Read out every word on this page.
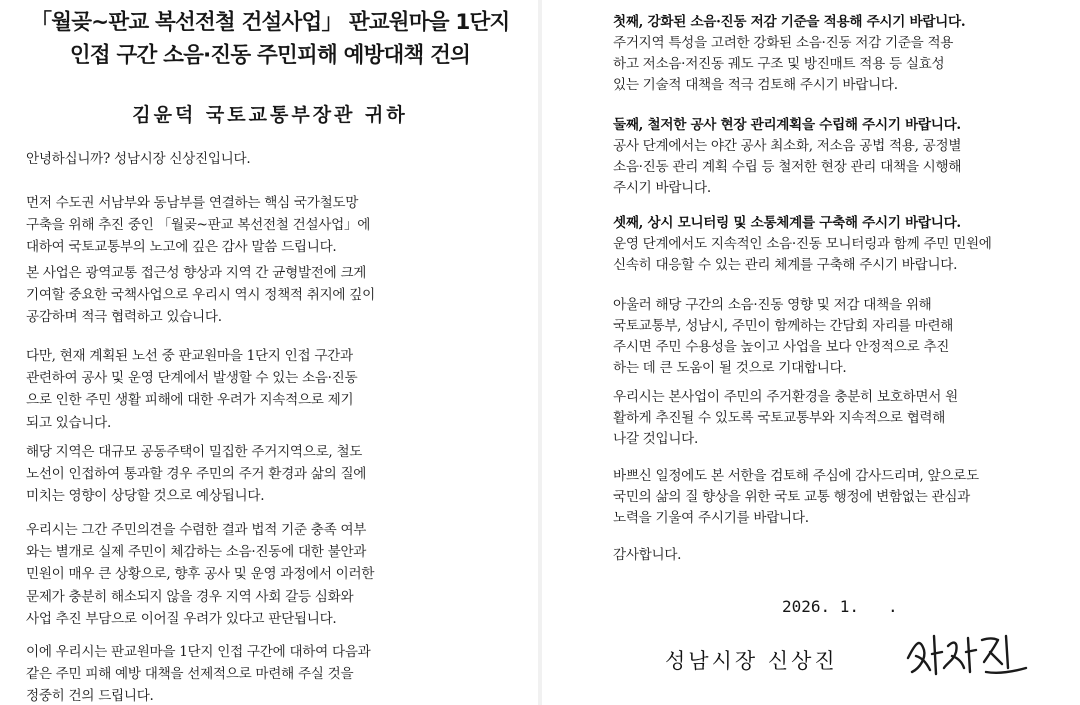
「월곶~판교 복선전철 건설사업」 판교원마을 1단지
인접 구간 소음·진동 주민피해 예방대책 건의
김윤덕 국토교통부장관 귀하
안녕하십니까? 성남시장 신상진입니다.
먼저 수도권 서남부와 동남부를 연결하는 핵심 국가철도망
구축을 위해 추진 중인 「월곶~판교 복선전철 건설사업」에
대하여 국토교통부의 노고에 깊은 감사 말씀 드립니다.
본 사업은 광역교통 접근성 향상과 지역 간 균형발전에 크게
기여할 중요한 국책사업으로 우리시 역시 정책적 취지에 깊이
공감하며 적극 협력하고 있습니다.
다만, 현재 계획된 노선 중 판교원마을 1단지 인접 구간과
관련하여 공사 및 운영 단계에서 발생할 수 있는 소음·진동
으로 인한 주민 생활 피해에 대한 우려가 지속적으로 제기
되고 있습니다.
해당 지역은 대규모 공동주택이 밀집한 주거지역으로, 철도
노선이 인접하여 통과할 경우 주민의 주거 환경과 삶의 질에
미치는 영향이 상당할 것으로 예상됩니다.
우리시는 그간 주민의견을 수렴한 결과 법적 기준 충족 여부
와는 별개로 실제 주민이 체감하는 소음·진동에 대한 불안과
민원이 매우 큰 상황으로, 향후 공사 및 운영 과정에서 이러한
문제가 충분히 해소되지 않을 경우 지역 사회 갈등 심화와
사업 추진 부담으로 이어질 우려가 있다고 판단됩니다.
이에 우리시는 판교원마을 1단지 인접 구간에 대하여 다음과
같은 주민 피해 예방 대책을 선제적으로 마련해 주실 것을
정중히 건의 드립니다.
첫째, 강화된 소음·진동 저감 기준을 적용해 주시기 바랍니다.
주거지역 특성을 고려한 강화된 소음·진동 저감 기준을 적용
하고 저소음·저진동 궤도 구조 및 방진매트 적용 등 실효성
있는 기술적 대책을 적극 검토해 주시기 바랍니다.
둘째, 철저한 공사 현장 관리계획을 수립해 주시기 바랍니다.
공사 단계에서는 야간 공사 최소화, 저소음 공법 적용, 공정별
소음·진동 관리 계획 수립 등 철저한 현장 관리 대책을 시행해
주시기 바랍니다.
셋째, 상시 모니터링 및 소통체계를 구축해 주시기 바랍니다.
운영 단계에서도 지속적인 소음·진동 모니터링과 함께 주민 민원에
신속히 대응할 수 있는 관리 체계를 구축해 주시기 바랍니다.
아울러 해당 구간의 소음·진동 영향 및 저감 대책을 위해
국토교통부, 성남시, 주민이 함께하는 간담회 자리를 마련해
주시면 주민 수용성을 높이고 사업을 보다 안정적으로 추진
하는 데 큰 도움이 될 것으로 기대합니다.
우리시는 본사업이 주민의 주거환경을 충분히 보호하면서 원
활하게 추진될 수 있도록 국토교통부와 지속적으로 협력해
나갈 것입니다.
바쁘신 일정에도 본 서한을 검토해 주심에 감사드리며, 앞으로도
국민의 삶의 질 향상을 위한 국토 교통 행정에 변함없는 관심과
노력을 기울여 주시기를 바랍니다.
감사합니다.
2026. 1.   .
성남시장 신상진
